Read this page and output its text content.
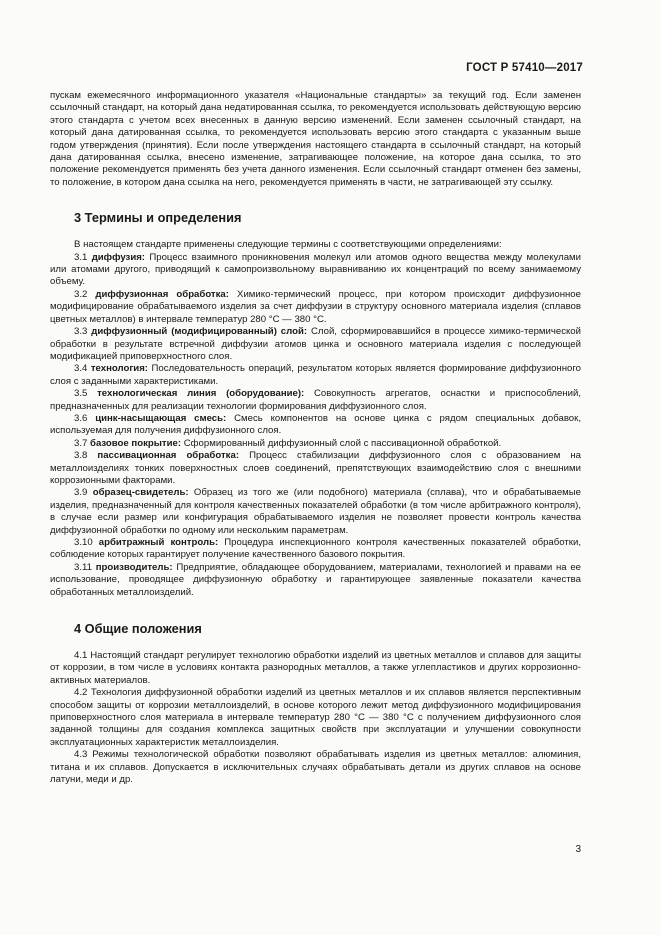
ГОСТ Р 57410—2017

пускам ежемесячного информационного указателя «Национальные стандарты» за текущий год. Если заменен ссылочный стандарт, на который дана недатированная ссылка, то рекомендуется использовать действующую версию этого стандарта с учетом всех внесенных в данную версию изменений. Если заменен ссылочный стандарт, на который дана датированная ссылка, то рекомендуется использовать версию этого стандарта с указанным выше годом утверждения (принятия). Если после утверждения настоящего стандарта в ссылочный стандарт, на который дана датированная ссылка, внесено изменение, затрагивающее положение, на которое дана ссылка, то это положение рекомендуется применять без учета данного изменения. Если ссылочный стандарт отменен без замены, то положение, в котором дана ссылка на него, рекомендуется применять в части, не затрагивающей эту ссылку.

3 Термины и определения

В настоящем стандарте применены следующие термины с соответствующими определениями:

3.1 диффузия: Процесс взаимного проникновения молекул или атомов одного вещества между молекулами или атомами другого, приводящий к самопроизвольному выравниванию их концентраций по всему занимаемому объему.

3.2 диффузионная обработка: Химико-термический процесс, при котором происходит диффузионное модифицирование обрабатываемого изделия за счет диффузии в структуру основного материала изделия (сплавов цветных металлов) в интервале температур 280 °С — 380 °С.

3.3 диффузионный (модифицированный) слой: Слой, сформировавшийся в процессе химико-термической обработки в результате встречной диффузии атомов цинка и основного материала изделия с последующей модификацией приповерхностного слоя.

3.4 технология: Последовательность операций, результатом которых является формирование диффузионного слоя с заданными характеристиками.

3.5 технологическая линия (оборудование): Совокупность агрегатов, оснастки и приспособлений, предназначенных для реализации технологии формирования диффузионного слоя.

3.6 цинк-насыщающая смесь: Смесь компонентов на основе цинка с рядом специальных добавок, используемая для получения диффузионного слоя.

3.7 базовое покрытие: Сформированный диффузионный слой с пассивационной обработкой.

3.8 пассивационная обработка: Процесс стабилизации диффузионного слоя с образованием на металлоизделиях тонких поверхностных слоев соединений, препятствующих взаимодействию слоя с внешними коррозионными факторами.

3.9 образец-свидетель: Образец из того же (или подобного) материала (сплава), что и обрабатываемые изделия, предназначенный для контроля качественных показателей обработки (в том числе арбитражного контроля), в случае если размер или конфигурация обрабатываемого изделия не позволяет провести контроль качества диффузионной обработки по одному или нескольким параметрам.

3.10 арбитражный контроль: Процедура инспекционного контроля качественных показателей обработки, соблюдение которых гарантирует получение качественного базового покрытия.

3.11 производитель: Предприятие, обладающее оборудованием, материалами, технологией и правами на ее использование, проводящее диффузионную обработку и гарантирующее заявленные показатели качества обработанных металлоизделий.

4 Общие положения

4.1 Настоящий стандарт регулирует технологию обработки изделий из цветных металлов и сплавов для защиты от коррозии, в том числе в условиях контакта разнородных металлов, а также углепластиков и других коррозионно-активных материалов.

4.2 Технология диффузионной обработки изделий из цветных металлов и их сплавов является перспективным способом защиты от коррозии металлоизделий, в основе которого лежит метод диффузионного модифицирования приповерхностного слоя материала в интервале температур 280 °С — 380 °С с получением диффузионного слоя заданной толщины для создания комплекса защитных свойств при эксплуатации и улучшении совокупности эксплуатационных характеристик металлоизделия.

4.3 Режимы технологической обработки позволяют обрабатывать изделия из цветных металлов: алюминия, титана и их сплавов. Допускается в исключительных случаях обрабатывать детали из других сплавов на основе латуни, меди и др.

3
